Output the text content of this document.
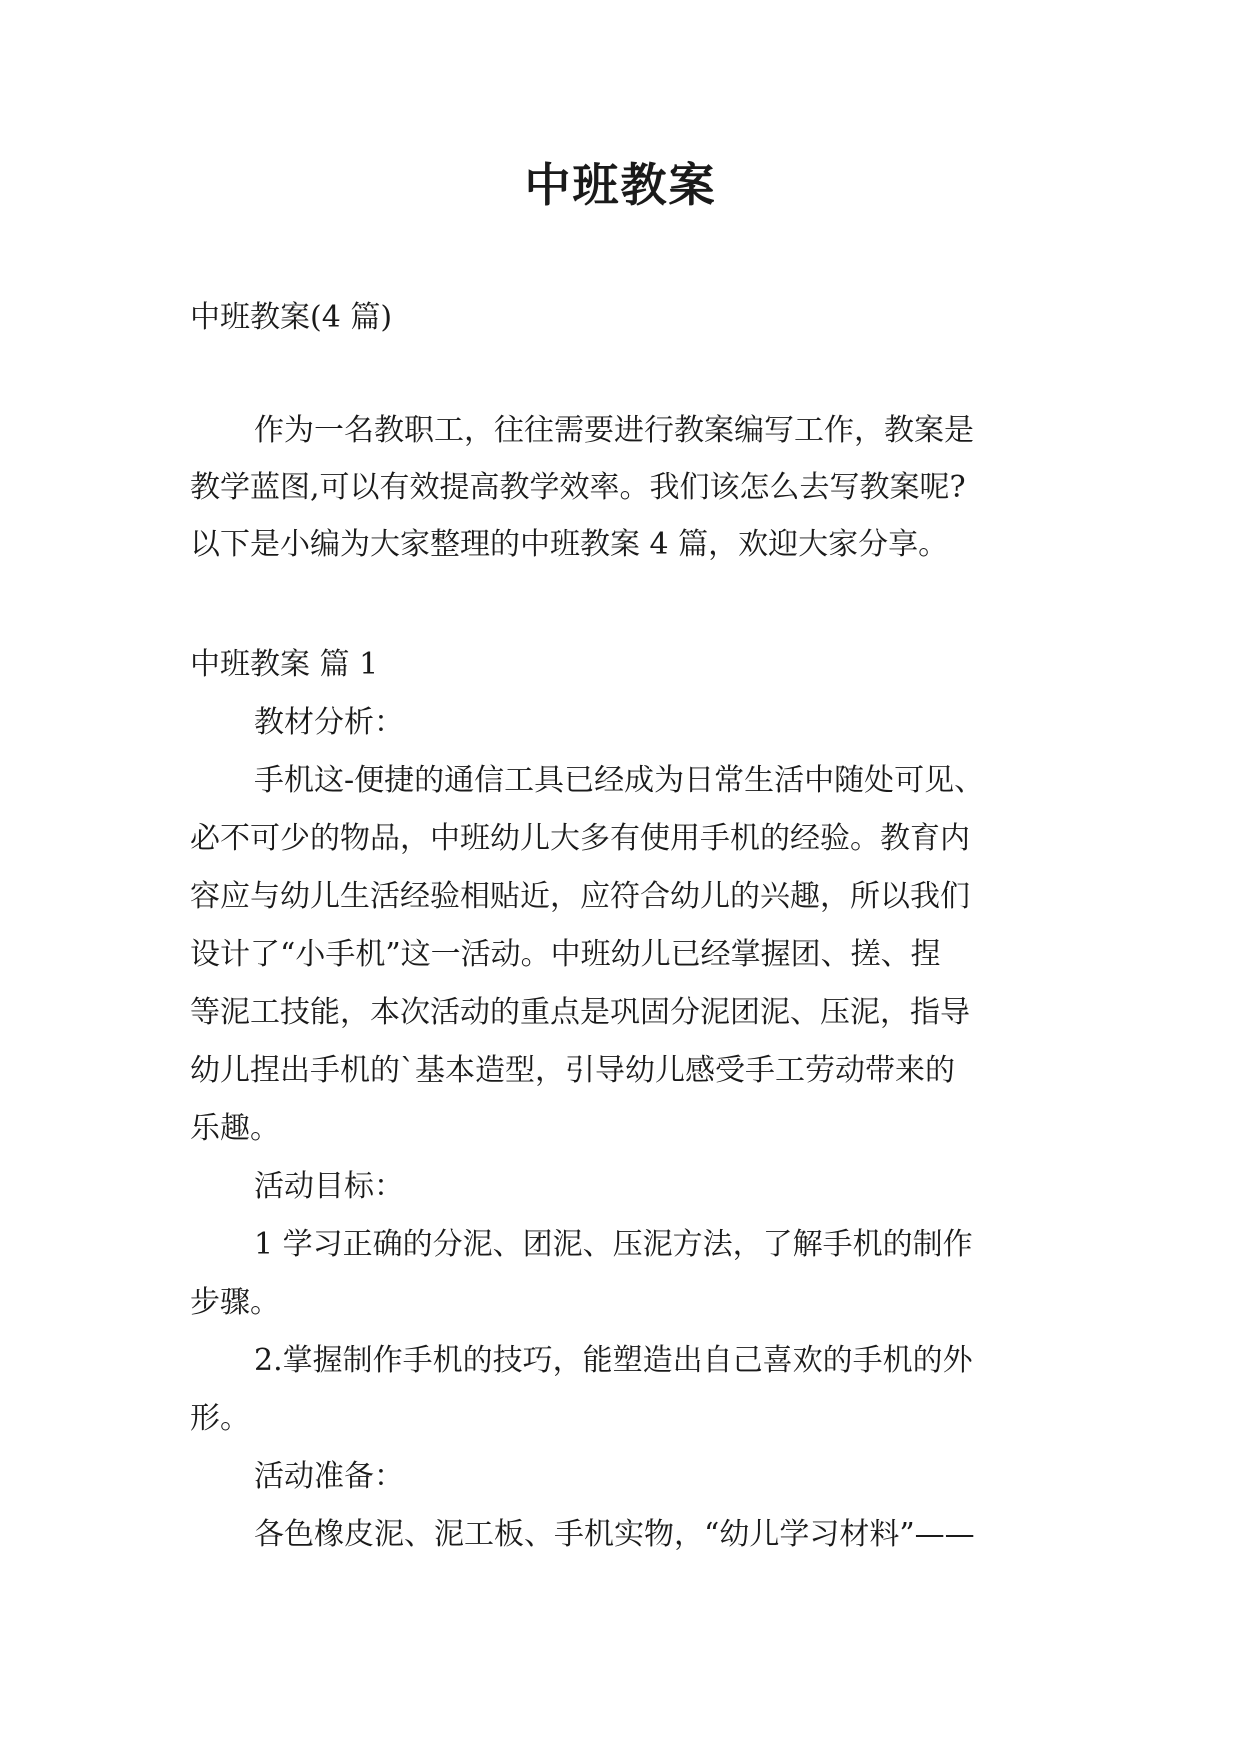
中班教案

中班教案(4 篇)

作为一名教职工，往往需要进行教案编写工作，教案是
教学蓝图,可以有效提高教学效率。我们该怎么去写教案呢?
以下是小编为大家整理的中班教案 4 篇，欢迎大家分享。
中班教案 篇 1
教材分析：
手机这-便捷的通信工具已经成为日常生活中随处可见、
必不可少的物品，中班幼儿大多有使用手机的经验。教育内
容应与幼儿生活经验相贴近，应符合幼儿的兴趣，所以我们
设计了“小手机”这一活动。中班幼儿已经掌握团、搓、捏
等泥工技能，本次活动的重点是巩固分泥团泥、压泥，指导
幼儿捏出手机的`基本造型，引导幼儿感受手工劳动带来的
乐趣。
活动目标：
1 学习正确的分泥、团泥、压泥方法，了解手机的制作
步骤。
2.掌握制作手机的技巧，能塑造出自己喜欢的手机的外
形。
活动准备：
各色橡皮泥、泥工板、手机实物，“幼儿学习材料”——
